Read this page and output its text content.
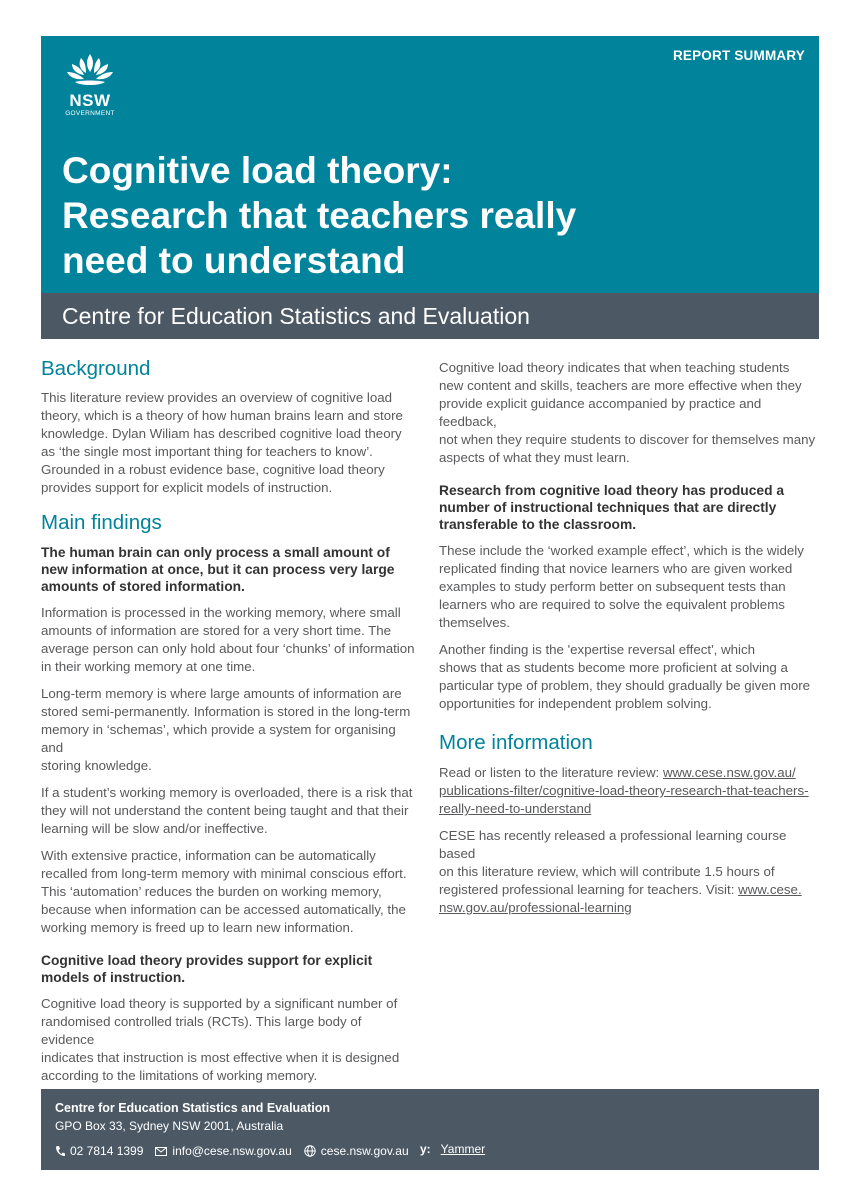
REPORT SUMMARY
NSW
GOVERNMENT
Cognitive load theory:
Research that teachers really
need to understand
Centre for Education Statistics and Evaluation
Background
This literature review provides an overview of cognitive load
theory, which is a theory of how human brains learn and store
knowledge. Dylan Wiliam has described cognitive load theory
as ‘the single most important thing for teachers to know’.
Grounded in a robust evidence base, cognitive load theory
provides support for explicit models of instruction.
Main findings
The human brain can only process a small amount of
new information at once, but it can process very large
amounts of stored information.
Information is processed in the working memory, where small
amounts of information are stored for a very short time. The
average person can only hold about four ‘chunks’ of information
in their working memory at one time.
Long-term memory is where large amounts of information are
stored semi-permanently. Information is stored in the long-term
memory in ‘schemas’, which provide a system for organising and
storing knowledge.
If a student’s working memory is overloaded, there is a risk that
they will not understand the content being taught and that their
learning will be slow and/or ineffective.
With extensive practice, information can be automatically
recalled from long-term memory with minimal conscious effort.
This ‘automation’ reduces the burden on working memory,
because when information can be accessed automatically, the
working memory is freed up to learn new information.
Cognitive load theory provides support for explicit
models of instruction.
Cognitive load theory is supported by a significant number of
randomised controlled trials (RCTs). This large body of evidence
indicates that instruction is most effective when it is designed
according to the limitations of working memory.
Cognitive load theory indicates that when teaching students
new content and skills, teachers are more effective when they
provide explicit guidance accompanied by practice and feedback,
not when they require students to discover for themselves many
aspects of what they must learn.
Research from cognitive load theory has produced a
number of instructional techniques that are directly
transferable to the classroom.
These include the ‘worked example effect’, which is the widely
replicated finding that novice learners who are given worked
examples to study perform better on subsequent tests than
learners who are required to solve the equivalent problems
themselves.
Another finding is the 'expertise reversal effect', which
shows that as students become more proficient at solving a
particular type of problem, they should gradually be given more
opportunities for independent problem solving.
More information
Read or listen to the literature review: www.cese.nsw.gov.au/
publications-filter/cognitive-load-theory-research-that-teachers-
really-need-to-understand
CESE has recently released a professional learning course based
on this literature review, which will contribute 1.5 hours of
registered professional learning for teachers. Visit: www.cese.
nsw.gov.au/professional-learning
Centre for Education Statistics and Evaluation
GPO Box 33, Sydney NSW 2001, Australia
02 7814 1399 info@cese.nsw.gov.au cese.nsw.gov.au y: Yammer
